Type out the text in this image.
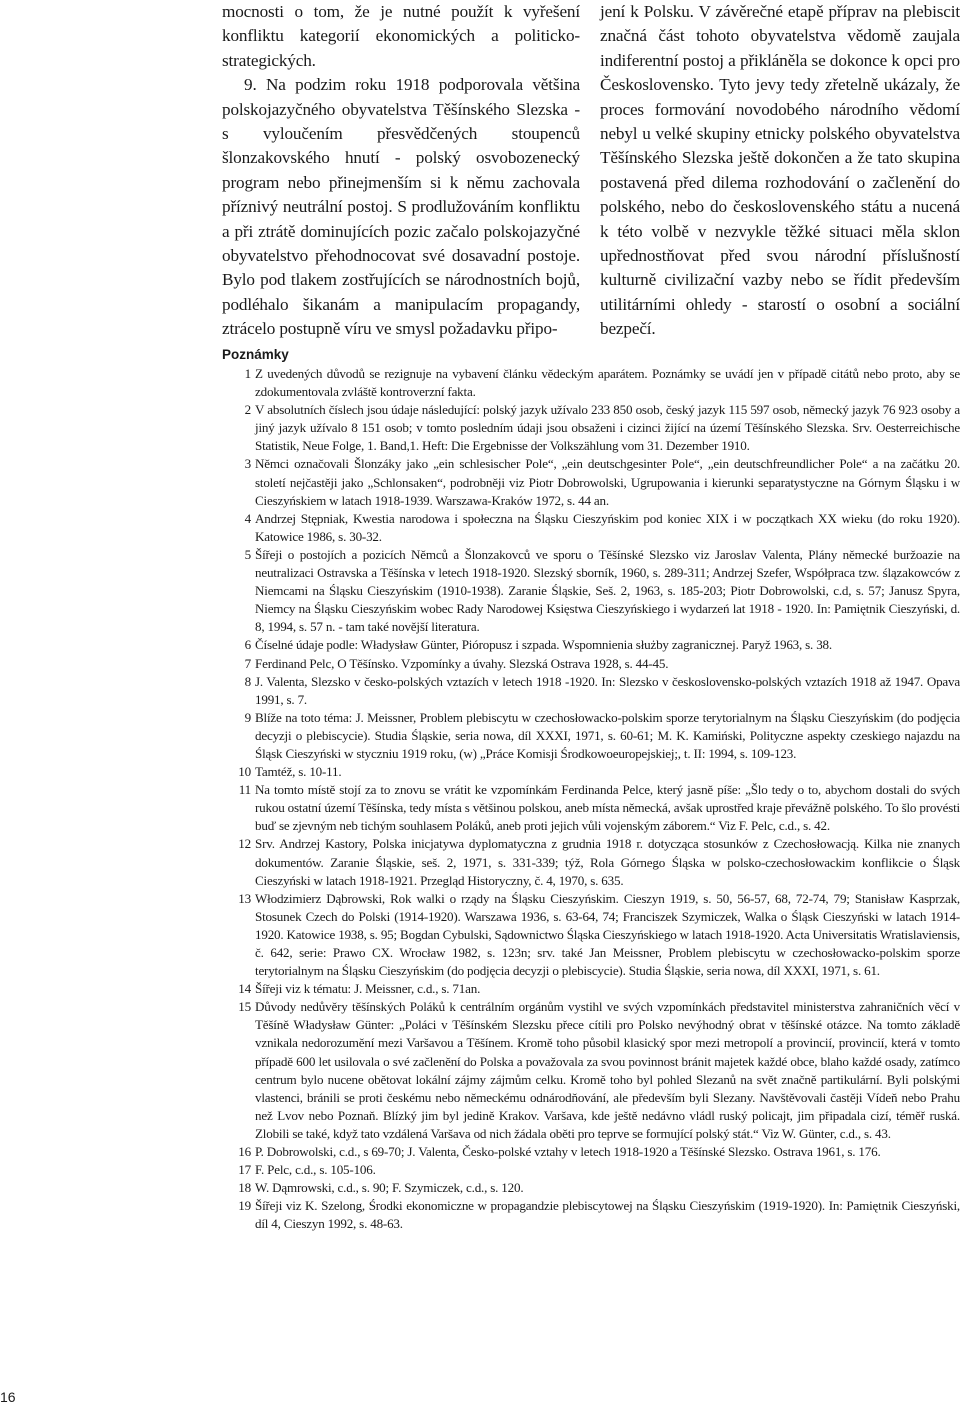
mocnosti o tom, že je nutné použít k vyřešení konfliktu kategorií ekonomických a politicko-strategických.

9. Na podzim roku 1918 podporovala většina polskojazyčného obyvatelstva Těšínského Slezska - s vyloučením přesvědčených stoupenců šlonzakovského hnutí - polský osvobozenecký program nebo přinejmenším si k němu zachovala příznivý neutrální postoj. S prodlužováním konfliktu a při ztrátě dominujících pozic začalo polskojazyčné obyvatelstvo přehodnocovat své dosavadní postoje. Bylo pod tlakem zostřujících se národnostních bojů, podléhalo šikanám a manipulacím propagandy, ztrácelo postupně víru ve smysl požadavku připo-

jení k Polsku. V závěrečné etapě příprav na plebiscit značná část tohoto obyvatelstva vědomě zaujala indiferentní postoj a přikláněla se dokonce k opci pro Československo. Tyto jevy tedy zřetelně ukázaly, že proces formování novodobého národního vědomí nebyl u velké skupiny etnicky polského obyvatelstva Těšínského Slezska ještě dokončen a že tato skupina postavená před dilema rozhodování o začlenění do polského, nebo do československého státu a nucená k této volbě v nezvykle těžké situaci měla sklon upřednostňovat před svou národní příslušností kulturně civilizační vazby nebo se řídit především utilitárními ohledy - starostí o osobní a sociální bezpečí.

Poznámky
1 Z uvedených důvodů se rezignuje na vybavení článku vědeckým aparátem. Poznámky se uvádí jen v případě citátů nebo proto, aby se zdokumentovala zvláště kontroverzní fakta.
2 V absolutních číslech jsou údaje následující: polský jazyk užívalo 233 850 osob, český jazyk 115 597 osob, německý jazyk 76 923 osoby a jiný jazyk užívalo 8 151 osob; v tomto posledním údaji jsou obsaženi i cizinci žijící na území Těšínského Slezska. Srv. Oesterreichische Statistik, Neue Folge, 1. Band,1. Heft: Die Ergebnisse der Volkszählung vom 31. Dezember 1910.
3 Němci označovali Šlonzáky jako „ein schlesischer Pole“, „ein deutschgesinter Pole“, „ein deutschfreundlicher Pole“ a na začátku 20. století nejčastěji jako „Schlonsaken“, podrobněji viz Piotr Dobrowolski, Ugrupowania i kierunki separatystyczne na Górnym Śląsku i w Cieszyńskiem w latach 1918-1939. Warszawa-Kraków 1972, s. 44 an.
4 Andrzej Stępniak, Kwestia narodowa i społeczna na Śląsku Cieszyńskim pod koniec XIX i w początkach XX wieku (do roku 1920). Katowice 1986, s. 30-32.
5 Šířeji o postojích a pozicích Němců a Šlonzakovců ve sporu o Těšínské Slezsko viz Jaroslav Valenta, Plány německé buržoazie na neutralizaci Ostravska a Těšínska v letech 1918-1920. Slezský sborník, 1960, s. 289-311; Andrzej Szefer, Współpraca tzw. ślązakowców z Niemcami na Śląsku Cieszyńskim (1910-1938). Zaranie Śląskie, Seš. 2, 1963, s. 185-203; Piotr Dobrowolski, c.d, s. 57; Janusz Spyra, Niemcy na Śląsku Cieszyńskim wobec Rady Narodowej Księstwa Cieszyńskiego i wydarzeń lat 1918 - 1920. In: Pamiętnik Cieszyński, d. 8, 1994, s. 57 n. - tam také novější literatura.
6 Číselné údaje podle: Władysław Günter, Pióropusz i szpada. Wspomnienia służby zagranicznej. Paryž 1963, s. 38.
7 Ferdinand Pelc, O Těšínsko. Vzpomínky a úvahy. Slezská Ostrava 1928, s. 44-45.
8 J. Valenta, Slezsko v česko-polských vztazích v letech 1918 -1920. In: Slezsko v československo-polských vztazích 1918 až 1947. Opava 1991, s. 7.
9 Blíže na toto téma: J. Meissner, Problem plebiscytu w czechosłowacko-polskim sporze terytorialnym na Śląsku Cieszyńskim (do podjęcia decyzji o plebiscycie). Studia Śląskie, seria nowa, díl XXXI, 1971, s. 60-61; M. K. Kamiński, Polityczne aspekty czeskiego najazdu na Śląsk Cieszyński w styczniu 1919 roku, (w) „Práce Komisji Środkowoeuropejskiej;, t. II: 1994, s. 109-123.
10 Tamtéž, s. 10-11.
11 Na tomto místě stojí za to znovu se vrátit ke vzpomínkám Ferdinanda Pelce, který jasně píše: „Šlo tedy o to, abychom dostali do svých rukou ostatní území Těšínska, tedy místa s většinou polskou, aneb místa německá, avšak uprostřed kraje převážně polského. To šlo provésti buď se zjevným neb tichým souhlasem Poláků, aneb proti jejich vůli vojenským záborem.“ Viz F. Pelc, c.d., s. 42.
12 Srv. Andrzej Kastory, Polska inicjatywa dyplomatyczna z grudnia 1918 r. dotycząca stosunków z Czechosłowacją. Kilka nie znanych dokumentów. Zaranie Śląskie, seš. 2, 1971, s. 331-339; týž, Rola Górnego Śląska w polsko-czechosłowackim konflikcie o Śląsk Cieszyński w latach 1918-1921. Przegląd Historyczny, č. 4, 1970, s. 635.
13 Włodzimierz Dąbrowski, Rok walki o rządy na Śląsku Cieszyńskim. Cieszyn 1919, s. 50, 56-57, 68, 72-74, 79; Stanisław Kasprzak, Stosunek Czech do Polski (1914-1920). Warszawa 1936, s. 63-64, 74; Franciszek Szymiczek, Walka o Śląsk Cieszyński w latach 1914-1920. Katowice 1938, s. 95; Bogdan Cybulski, Sądownictwo Śląska Cieszyńskiego w latach 1918-1920. Acta Universitatis Wratislaviensis, č. 642, serie: Prawo CX. Wrocław 1982, s. 123n; srv. také Jan Meissner, Problem plebiscytu w czechosłowacko-polskim sporze terytorialnym na Śląsku Cieszyńskim (do podjęcia decyzji o plebiscycie). Studia Śląskie, seria nowa, díl XXXI, 1971, s. 61.
14 Šířeji viz k tématu: J. Meissner, c.d., s. 71an.
15 Důvody nedůvěry těšínských Poláků k centrálním orgánům vystihl ve svých vzpomínkách představitel ministerstva zahraničních věcí v Těšíně Władysław Günter: „Poláci v Těšínském Slezsku přece cítili pro Polsko nevýhodný obrat v těšínské otázce. Na tomto základě vznikala nedorozumění mezi Varšavou a Těšínem. Kromě toho působil klasický spor mezi metropolí a provincií, provincií, která v tomto případě 600 let usilovala o své začlenění do Polska a považovala za svou povinnost bránit majetek každé obce, blaho každé osady, zatímco centrum bylo nucene obětovat lokální zájmy zájmům celku. Kromě toho byl pohled Slezanů na svět značně partikulární. Byli polskými vlastenci, bránili se proti českému nebo německému odnárodňování, ale především byli Slezany. Navštěvovali častěji Vídeň nebo Prahu než Lvov nebo Poznaň. Blízký jim byl jedině Krakov. Varšava, kde ještě nedávno vládl ruský policajt, jim připadala cizí, téměř ruská. Zlobili se také, když tato vzdálená Varšava od nich žádala oběti pro teprve se formující polský stát.“ Viz W. Günter, c.d., s. 43.
16 P. Dobrowolski, c.d., s 69-70; J. Valenta, Česko-polské vztahy v letech 1918-1920 a Těšínské Slezsko. Ostrava 1961, s. 176.
17 F. Pelc, c.d., s. 105-106.
18 W. Dąmrowski, c.d., s. 90; F. Szymiczek, c.d., s. 120.
19 Šířeji viz K. Szelong, Środki ekonomiczne w propagandzie plebiscytowej na Śląsku Cieszyńskim (1919-1920). In: Pamiętnik Cieszyński, díl 4, Cieszyn 1992, s. 48-63.
16
